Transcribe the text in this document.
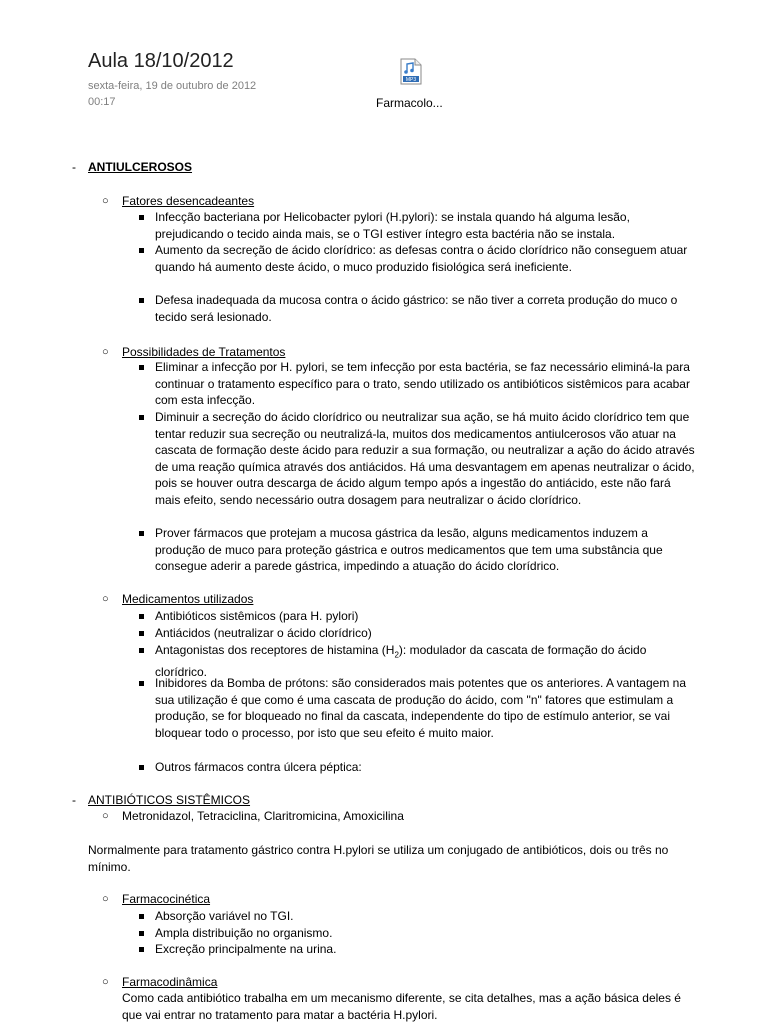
Aula 18/10/2012
sexta-feira, 19 de outubro de 2012
00:17
MP3
Farmacolo...
- ANTIULCEROSOS
○ Fatores desencadeantes
Infecção bacteriana por Helicobacter pylori (H.pylori): se instala quando há alguma lesão, prejudicando o tecido ainda mais, se o TGI estiver íntegro esta bactéria não se instala.
Aumento da secreção de ácido clorídrico: as defesas contra o ácido clorídrico não conseguem atuar quando há aumento deste ácido, o muco produzido fisiológica será ineficiente.
Defesa inadequada da mucosa contra o ácido gástrico: se não tiver a correta produção do muco o tecido será lesionado.
○ Possibilidades de Tratamentos
Eliminar a infecção por H. pylori, se tem infecção por esta bactéria, se faz necessário eliminá-la para continuar o tratamento específico para o trato, sendo utilizado os antibióticos sistêmicos para acabar com esta infecção.
Diminuir a secreção do ácido clorídrico ou neutralizar sua ação, se há muito ácido clorídrico tem que tentar reduzir sua secreção ou neutralizá-la, muitos dos medicamentos antiulcerosos vão atuar na cascata de formação deste ácido para reduzir a sua formação, ou neutralizar a ação do ácido através de uma reação química através dos antiácidos. Há uma desvantagem em apenas neutralizar o ácido, pois se houver outra descarga de ácido algum tempo após a ingestão do antiácido, este não fará mais efeito, sendo necessário outra dosagem para neutralizar o ácido clorídrico.
Prover fármacos que protejam a mucosa gástrica da lesão, alguns medicamentos induzem a produção de muco para proteção gástrica e outros medicamentos que tem uma substância que consegue aderir a parede gástrica, impedindo a atuação do ácido clorídrico.
○ Medicamentos utilizados
Antibióticos sistêmicos (para H. pylori)
Antiácidos (neutralizar o ácido clorídrico)
Antagonistas dos receptores de histamina $(H_2)$: modulador da cascata de formação do ácido clorídrico.
Inibidores da Bomba de prótons: são considerados mais potentes que os anteriores. A vantagem na sua utilização é que como é uma cascata de produção do ácido, com "n" fatores que estimulam a produção, se for bloqueado no final da cascata, independente do tipo de estímulo anterior, se vai bloquear todo o processo, por isto que seu efeito é muito maior.
Outros fármacos contra úlcera péptica:
- ANTIBIÓTICOS SISTÊMICOS
○ Metronidazol, Tetraciclina, Claritromicina, Amoxicilina
Normalmente para tratamento gástrico contra H.pylori se utiliza um conjugado de antibióticos, dois ou três no mínimo.
○ Farmacocinética
Absorção variável no TGI.
Ampla distribuição no organismo.
Excreção principalmente na urina.
○ Farmacodinâmica
Como cada antibiótico trabalha em um mecanismo diferente, se cita detalhes, mas a ação básica deles é que vai entrar no tratamento para matar a bactéria H.pylori.
